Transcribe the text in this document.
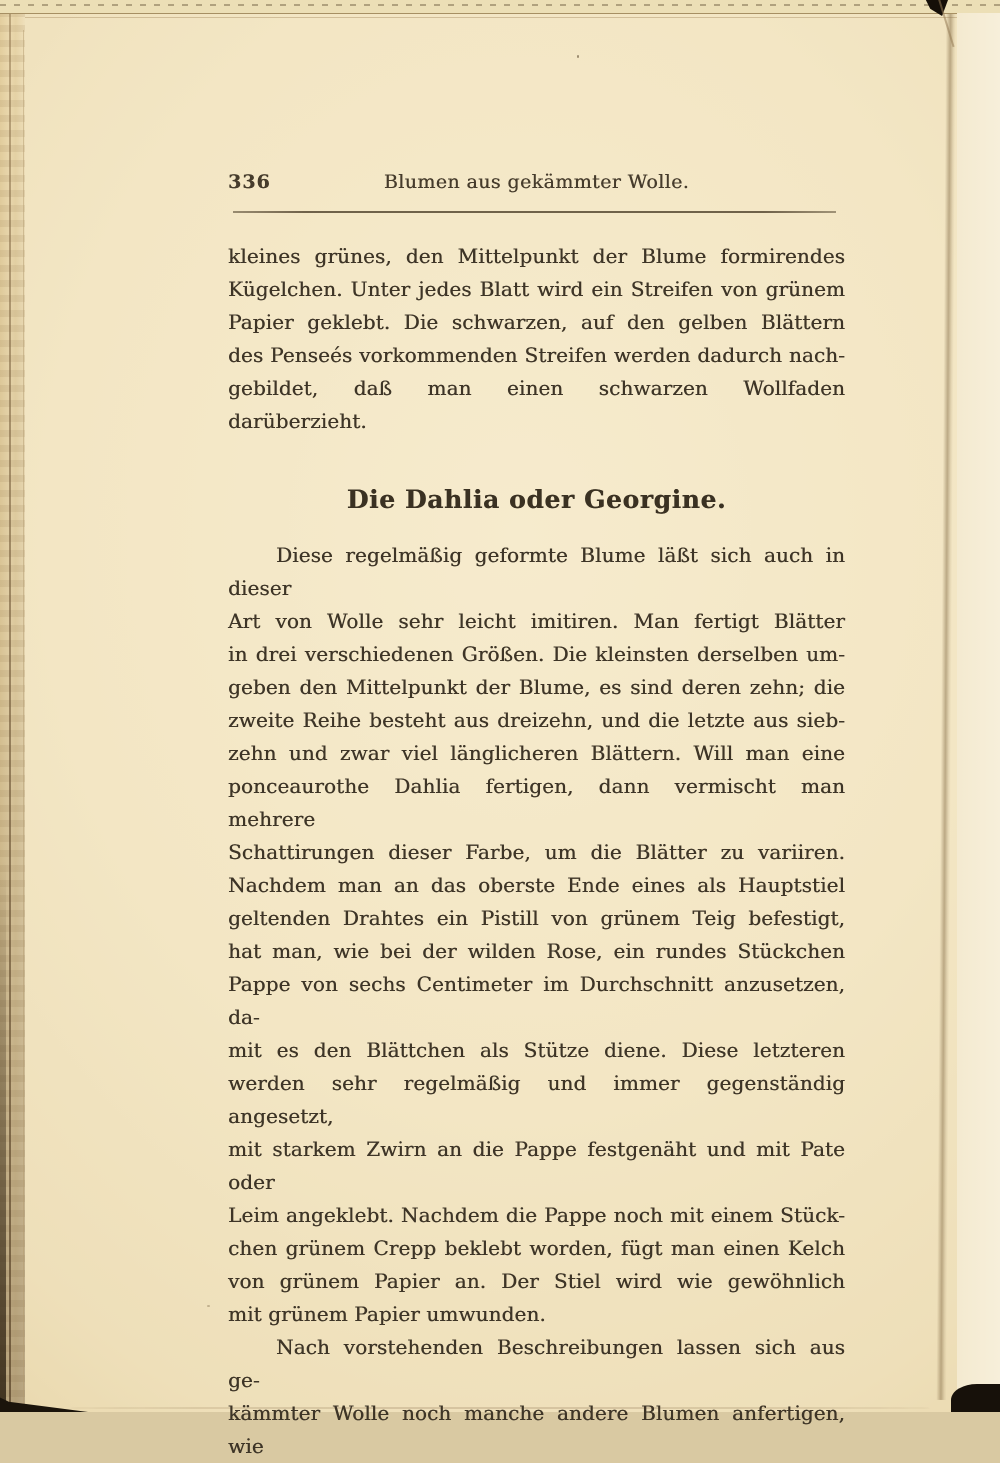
336	Blumen aus gekämmter Wolle.
kleines grünes, den Mittelpunkt der Blume formirendes
Kügelchen. Unter jedes Blatt wird ein Streifen von grünem
Papier geklebt. Die schwarzen, auf den gelben Blättern
des Penseés vorkommenden Streifen werden dadurch nach-
gebildet, daß man einen schwarzen Wollfaden darüberzieht.
Die Dahlia oder Georgine.
Diese regelmäßig geformte Blume läßt sich auch in dieser
Art von Wolle sehr leicht imitiren. Man fertigt Blätter
in drei verschiedenen Größen. Die kleinsten derselben um-
geben den Mittelpunkt der Blume, es sind deren zehn; die
zweite Reihe besteht aus dreizehn, und die letzte aus sieb-
zehn und zwar viel länglicheren Blättern. Will man eine
ponceaurothe Dahlia fertigen, dann vermischt man mehrere
Schattirungen dieser Farbe, um die Blätter zu variiren.
Nachdem man an das oberste Ende eines als Hauptstiel
geltenden Drahtes ein Pistill von grünem Teig befestigt,
hat man, wie bei der wilden Rose, ein rundes Stückchen
Pappe von sechs Centimeter im Durchschnitt anzusetzen, da-
mit es den Blättchen als Stütze diene. Diese letzteren
werden sehr regelmäßig und immer gegenständig angesetzt,
mit starkem Zwirn an die Pappe festgenäht und mit Pate oder
Leim angeklebt. Nachdem die Pappe noch mit einem Stück-
chen grünem Crepp beklebt worden, fügt man einen Kelch
von grünem Papier an. Der Stiel wird wie gewöhnlich
mit grünem Papier umwunden.
Nach vorstehenden Beschreibungen lassen sich aus ge-
kämmter Wolle noch manche andere Blumen anfertigen, wie
